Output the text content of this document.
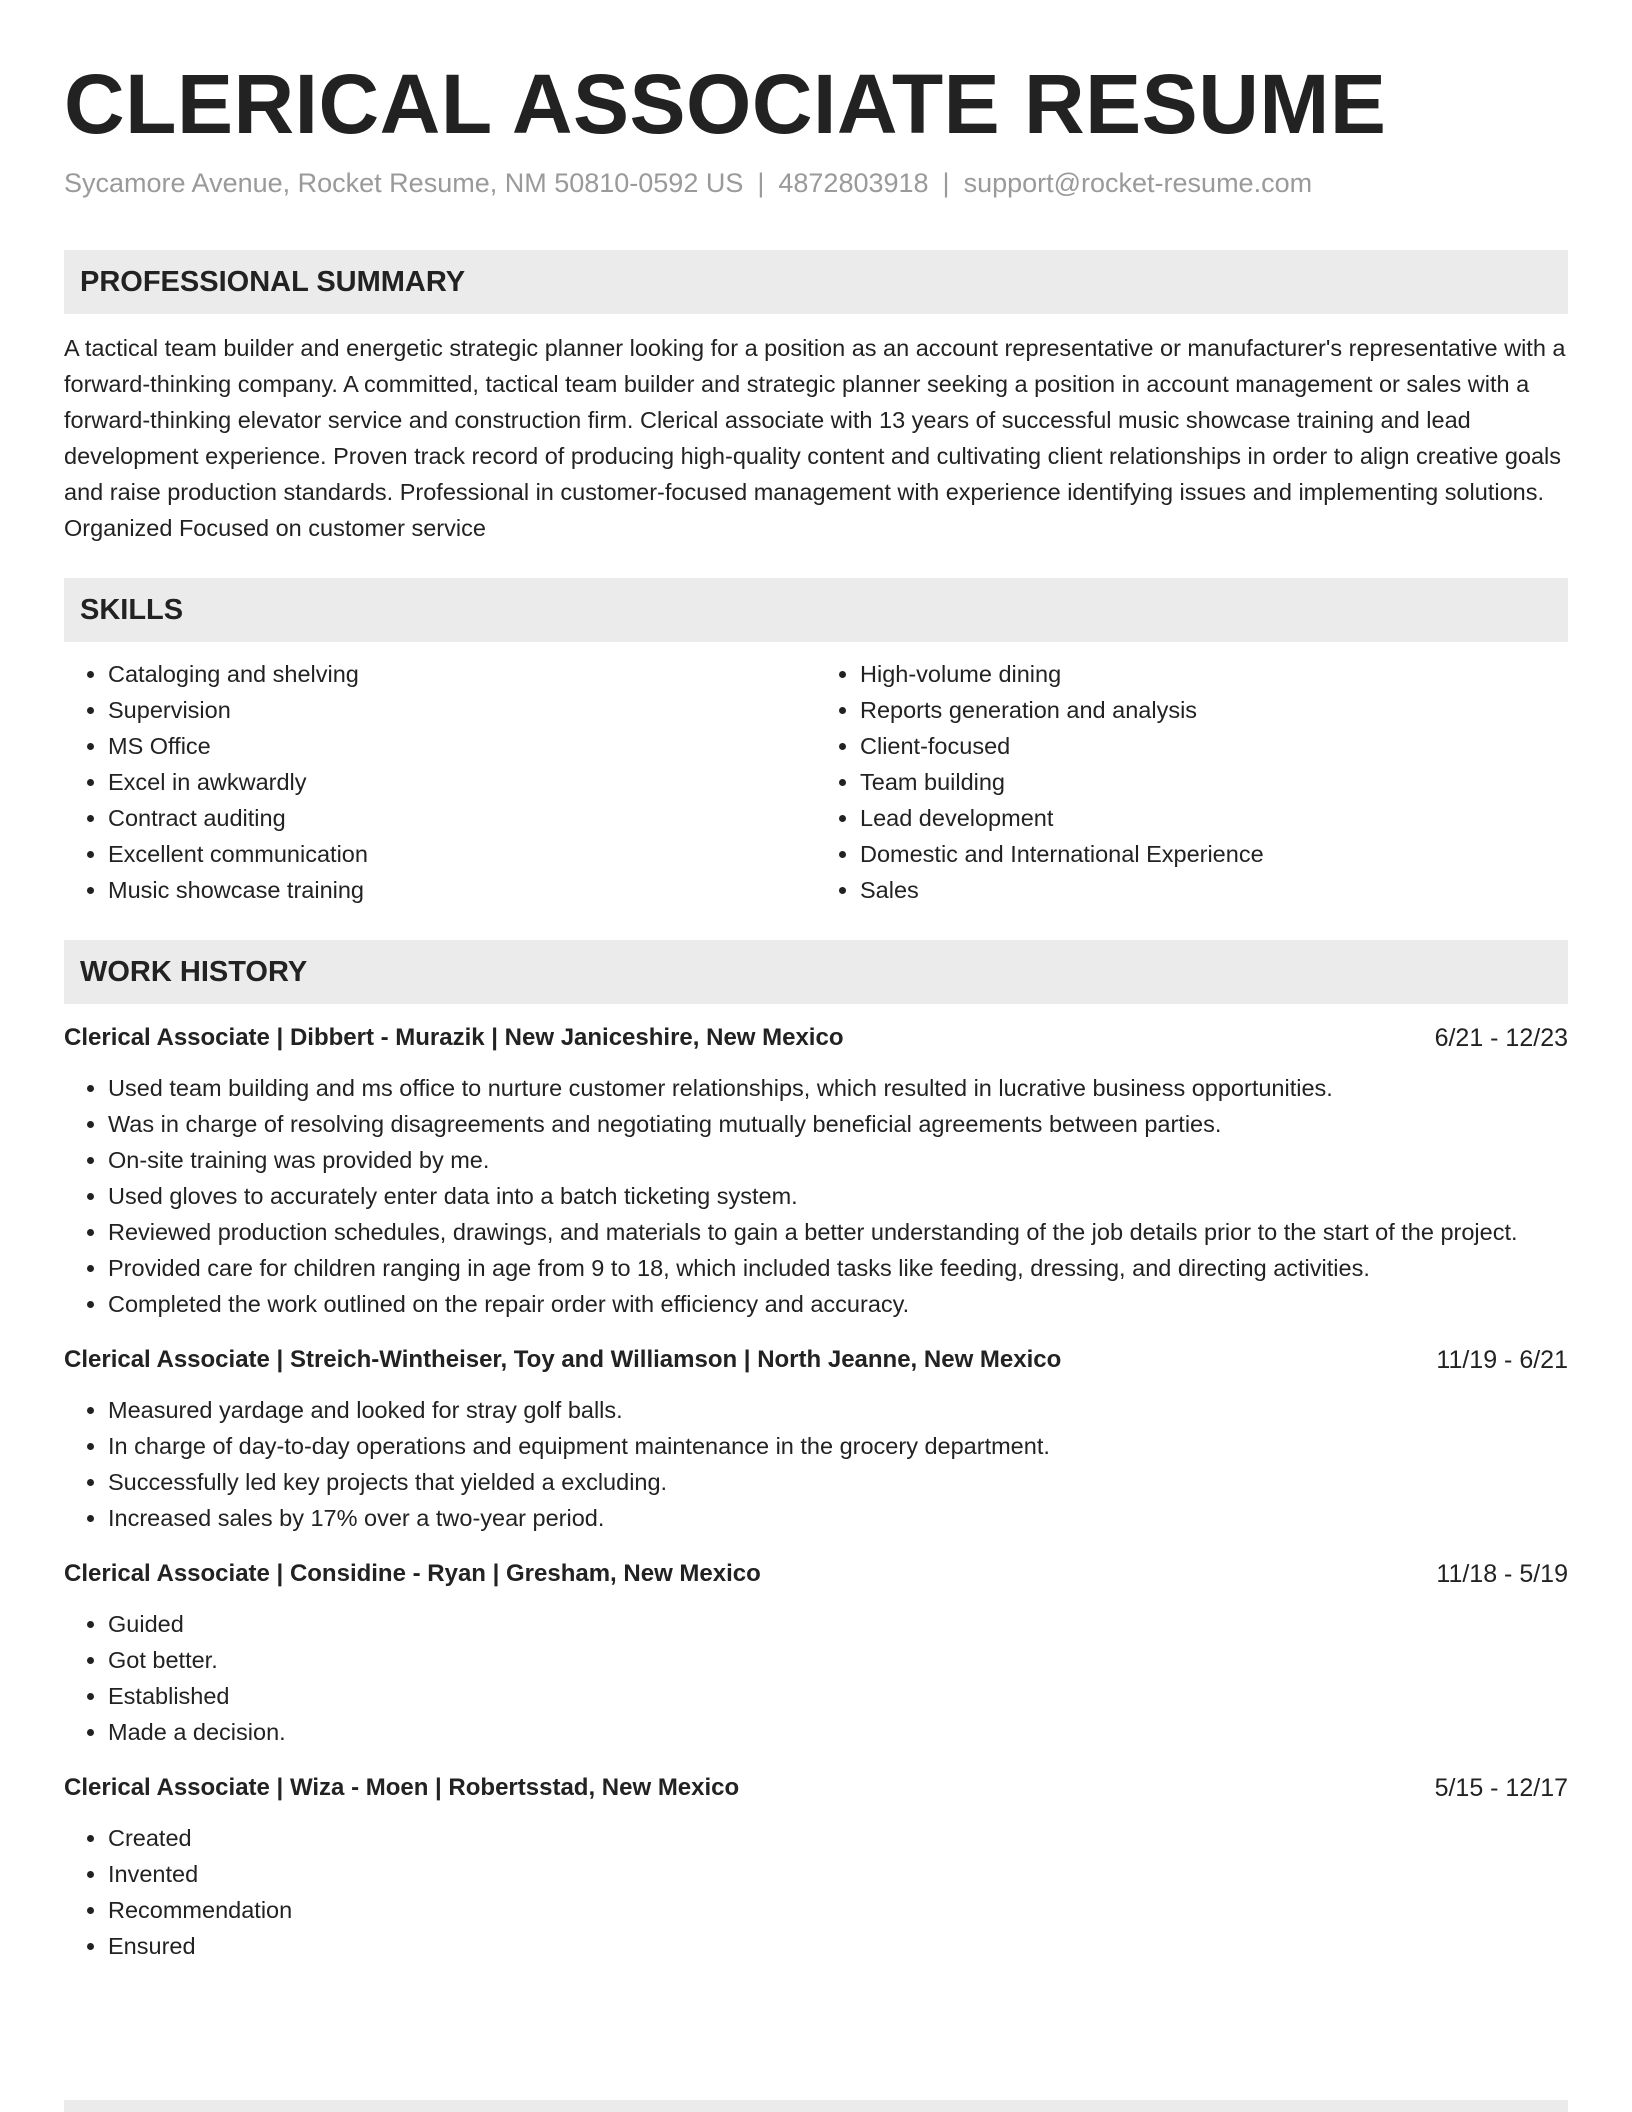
CLERICAL ASSOCIATE RESUME
Sycamore Avenue, Rocket Resume, NM 50810-0592 US | 4872803918 | support@rocket-resume.com
PROFESSIONAL SUMMARY

A tactical team builder and energetic strategic planner looking for a position as an account representative or manufacturer's representative with a forward-thinking company. A committed, tactical team builder and strategic planner seeking a position in account management or sales with a forward-thinking elevator service and construction firm. Clerical associate with 13 years of successful music showcase training and lead development experience. Proven track record of producing high-quality content and cultivating client relationships in order to align creative goals and raise production standards. Professional in customer-focused management with experience identifying issues and implementing solutions. Organized Focused on customer service

SKILLS
• Cataloging and shelving
• Supervision
• MS Office
• Excel in awkwardly
• Contract auditing
• Excellent communication
• Music showcase training
• High-volume dining
• Reports generation and analysis
• Client-focused
• Team building
• Lead development
• Domestic and International Experience
• Sales
WORK HISTORY
Clerical Associate | Dibbert - Murazik | New Janiceshire, New Mexico	6/21 - 12/23
• Used team building and ms office to nurture customer relationships, which resulted in lucrative business opportunities.
• Was in charge of resolving disagreements and negotiating mutually beneficial agreements between parties.
• On-site training was provided by me.
• Used gloves to accurately enter data into a batch ticketing system.
• Reviewed production schedules, drawings, and materials to gain a better understanding of the job details prior to the start of the project.
• Provided care for children ranging in age from 9 to 18, which included tasks like feeding, dressing, and directing activities.
• Completed the work outlined on the repair order with efficiency and accuracy.
Clerical Associate | Streich-Wintheiser, Toy and Williamson | North Jeanne, New Mexico	11/19 - 6/21
• Measured yardage and looked for stray golf balls.
• In charge of day-to-day operations and equipment maintenance in the grocery department.
• Successfully led key projects that yielded a excluding.
• Increased sales by 17% over a two-year period.
Clerical Associate | Considine - Ryan | Gresham, New Mexico	11/18 - 5/19
• Guided
• Got better.
• Established
• Made a decision.
Clerical Associate | Wiza - Moen | Robertsstad, New Mexico	5/15 - 12/17
• Created
• Invented
• Recommendation
• Ensured
